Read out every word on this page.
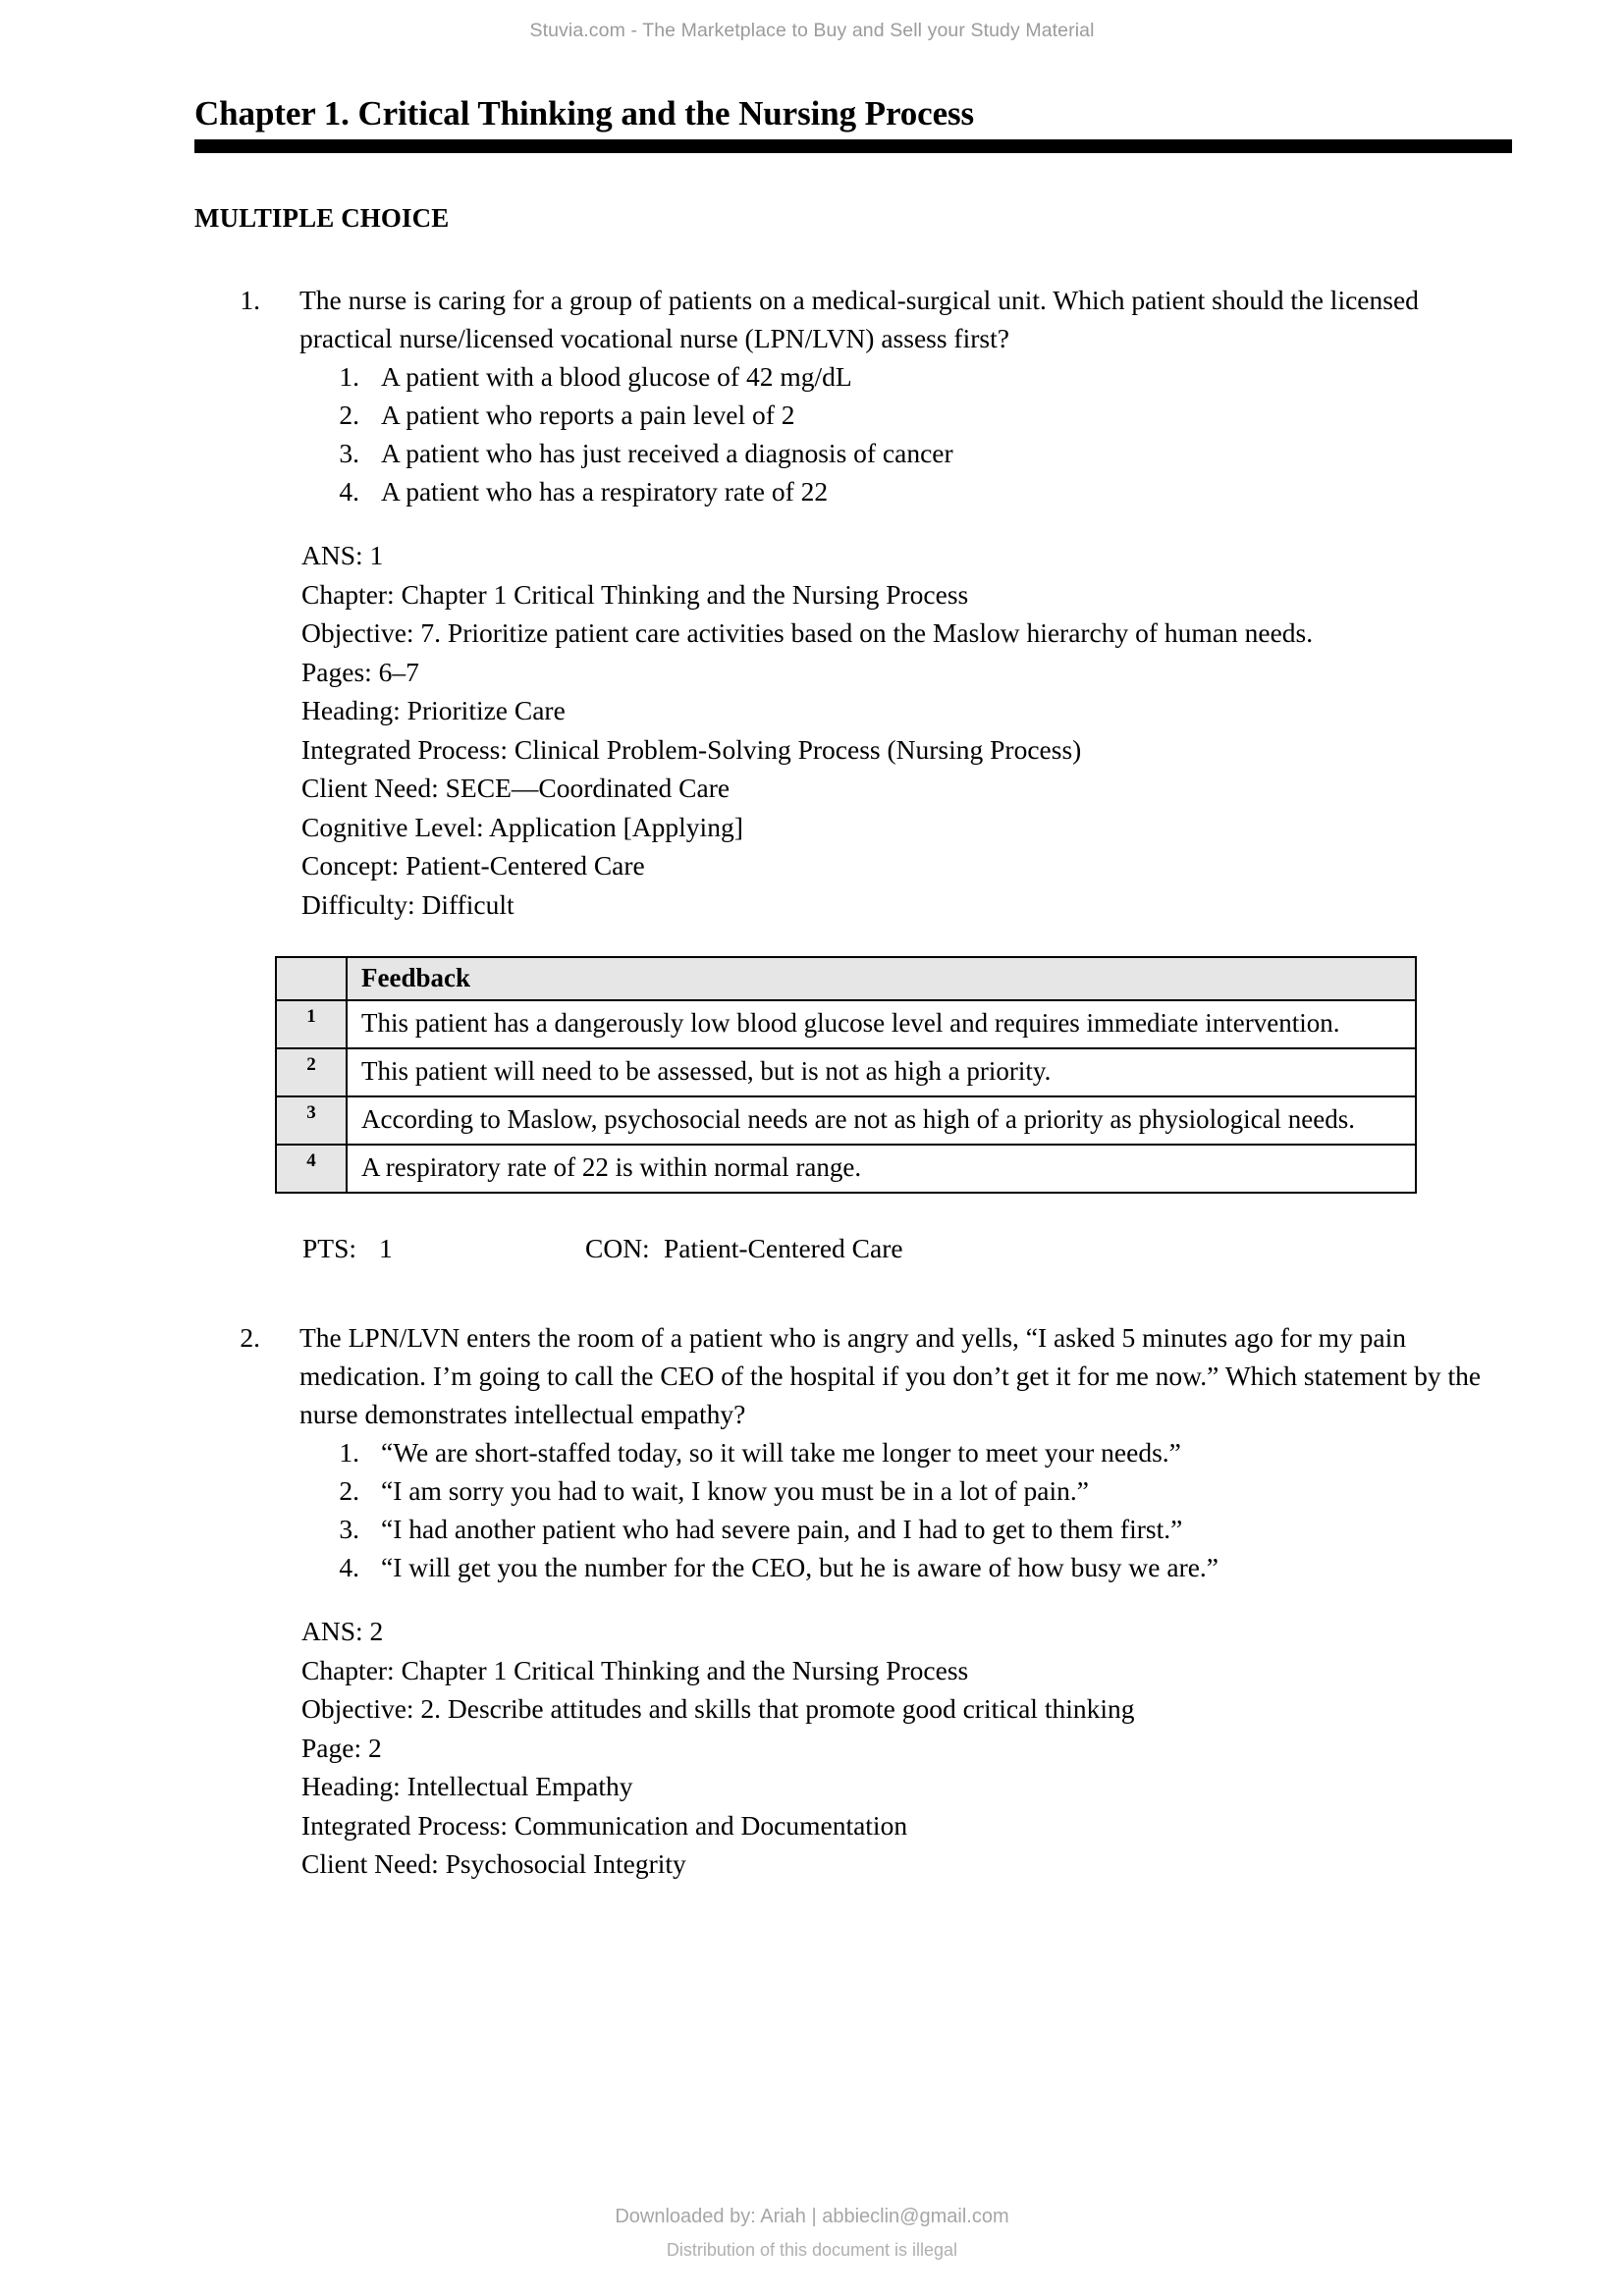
Stuvia.com - The Marketplace to Buy and Sell your Study Material
Chapter 1. Critical Thinking and the Nursing Process
MULTIPLE CHOICE
1.	The nurse is caring for a group of patients on a medical-surgical unit. Which patient should the licensed practical nurse/licensed vocational nurse (LPN/LVN) assess first?
1. A patient with a blood glucose of 42 mg/dL
2. A patient who reports a pain level of 2
3. A patient who has just received a diagnosis of cancer
4. A patient who has a respiratory rate of 22
ANS: 1
Chapter: Chapter 1 Critical Thinking and the Nursing Process
Objective: 7. Prioritize patient care activities based on the Maslow hierarchy of human needs.
Pages: 6–7
Heading: Prioritize Care
Integrated Process: Clinical Problem-Solving Process (Nursing Process)
Client Need: SECE—Coordinated Care
Cognitive Level: Application [Applying]
Concept: Patient-Centered Care
Difficulty: Difficult
	Feedback
1	This patient has a dangerously low blood glucose level and requires immediate intervention.
2	This patient will need to be assessed, but is not as high a priority.
3	According to Maslow, psychosocial needs are not as high of a priority as physiological needs.
4	A respiratory rate of 22 is within normal range.
PTS: 1	CON: Patient-Centered Care
2.	The LPN/LVN enters the room of a patient who is angry and yells, “I asked 5 minutes ago for my pain medication. I’m going to call the CEO of the hospital if you don’t get it for me now.” Which statement by the nurse demonstrates intellectual empathy?
1. “We are short-staffed today, so it will take me longer to meet your needs.”
2. “I am sorry you had to wait, I know you must be in a lot of pain.”
3. “I had another patient who had severe pain, and I had to get to them first.”
4. “I will get you the number for the CEO, but he is aware of how busy we are.”
ANS: 2
Chapter: Chapter 1 Critical Thinking and the Nursing Process
Objective: 2. Describe attitudes and skills that promote good critical thinking
Page: 2
Heading: Intellectual Empathy
Integrated Process: Communication and Documentation
Client Need: Psychosocial Integrity
Downloaded by: Ariah | abbieclin@gmail.com
Distribution of this document is illegal
